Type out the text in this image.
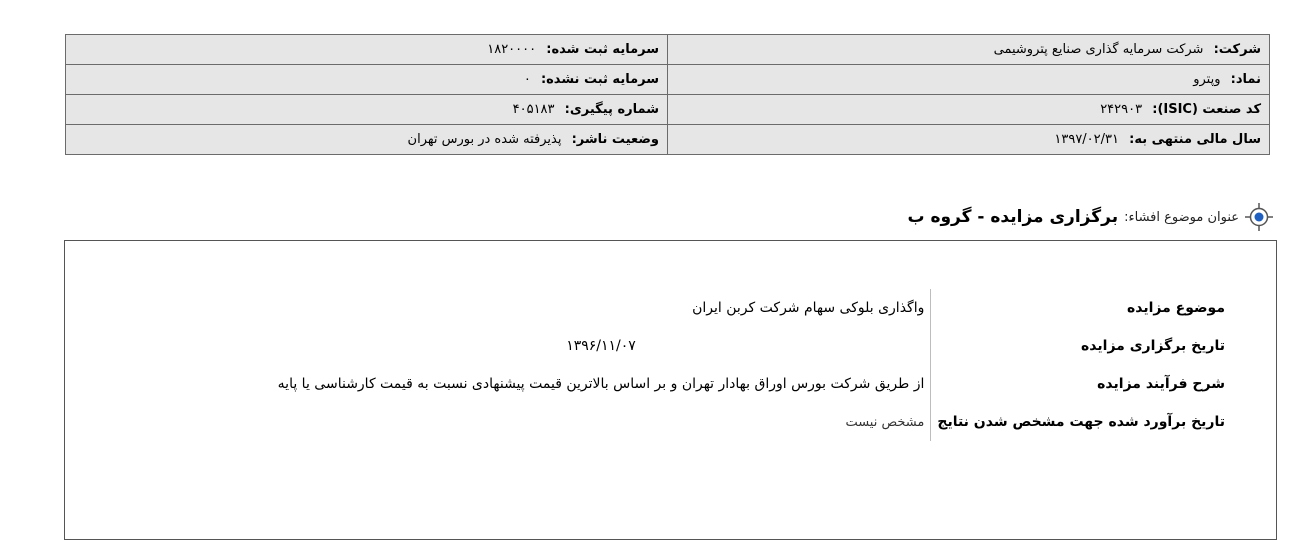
شرکت: شرکت سرمایه گذاری صنایع پتروشیمی	سرمایه ثبت شده: ۱۸۲۰۰۰۰
نماد: وپترو	سرمایه ثبت نشده: ۰
کد صنعت (ISIC): ۲۴۲۹۰۳	شماره پیگیری: ۴۰۵۱۸۳
سال مالی منتهی به: ۱۳۹۷/۰۲/۳۱	وضعیت ناشر: پذیرفته شده در بورس تهران
عنوان موضوع افشاء:
برگزاری مزایده - گروه ب
موضوع مزایده	واگذاری بلوکی سهام شرکت کربن ایران
تاریخ برگزاری مزایده	۱۳۹۶/۱۱/۰۷
شرح فرآیند مزایده	از طریق شرکت بورس اوراق بهادار تهران و بر اساس بالاترین قیمت پیشنهادی نسبت به قیمت کارشناسی یا پایه
تاریخ برآورد شده جهت مشخص شدن نتایج	مشخص نیست
